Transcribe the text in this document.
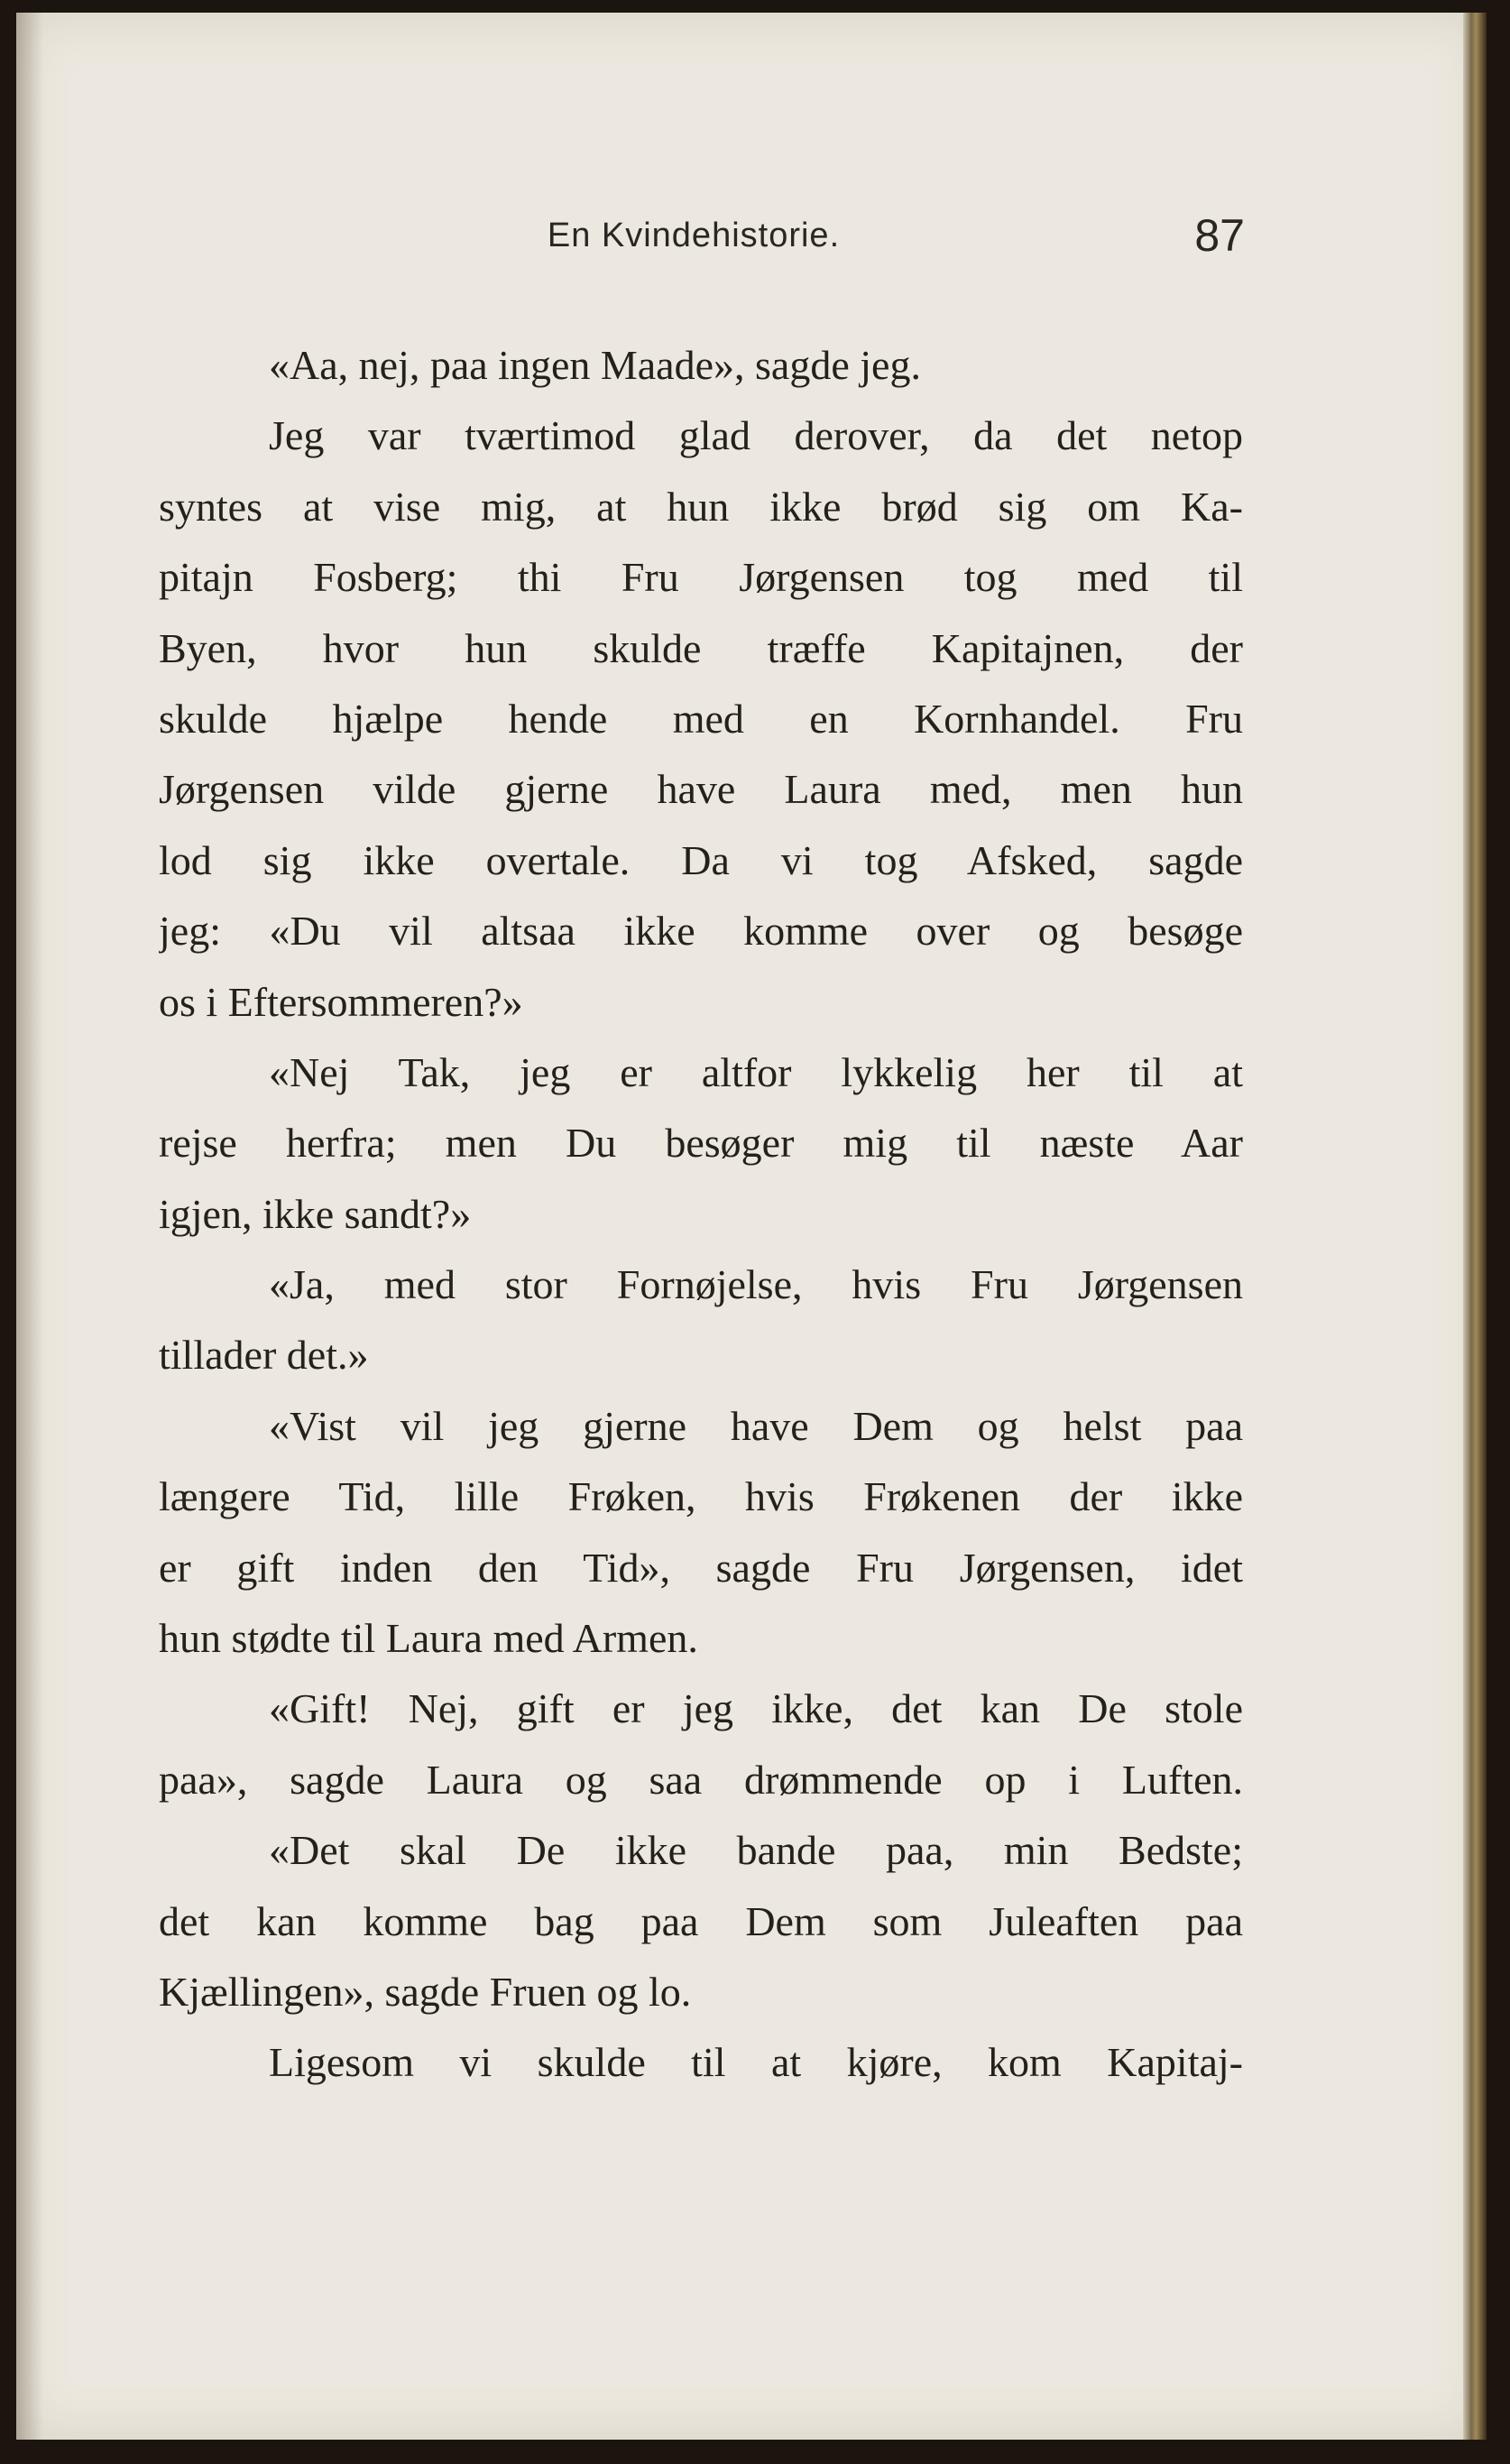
En Kvindehistorie.	87
«Aa, nej, paa ingen Maade», sagde jeg.
Jeg var tværtimod glad derover, da det netop
syntes at vise mig, at hun ikke brød sig om Ka-
pitajn Fosberg; thi Fru Jørgensen tog med til
Byen, hvor hun skulde træffe Kapitajnen, der
skulde hjælpe hende med en Kornhandel. Fru
Jørgensen vilde gjerne have Laura med, men hun
lod sig ikke overtale. Da vi tog Afsked, sagde
jeg: «Du vil altsaa ikke komme over og besøge
os i Eftersommeren?»
«Nej Tak, jeg er altfor lykkelig her til at
rejse herfra; men Du besøger mig til næste Aar
igjen, ikke sandt?»
«Ja, med stor Fornøjelse, hvis Fru Jørgensen
tillader det.»
«Vist vil jeg gjerne have Dem og helst paa
længere Tid, lille Frøken, hvis Frøkenen der ikke
er gift inden den Tid», sagde Fru Jørgensen, idet
hun stødte til Laura med Armen.
«Gift! Nej, gift er jeg ikke, det kan De stole
paa», sagde Laura og saa drømmende op i Luften.
«Det skal De ikke bande paa, min Bedste;
det kan komme bag paa Dem som Juleaften paa
Kjællingen», sagde Fruen og lo.
Ligesom vi skulde til at kjøre, kom Kapitaj-
